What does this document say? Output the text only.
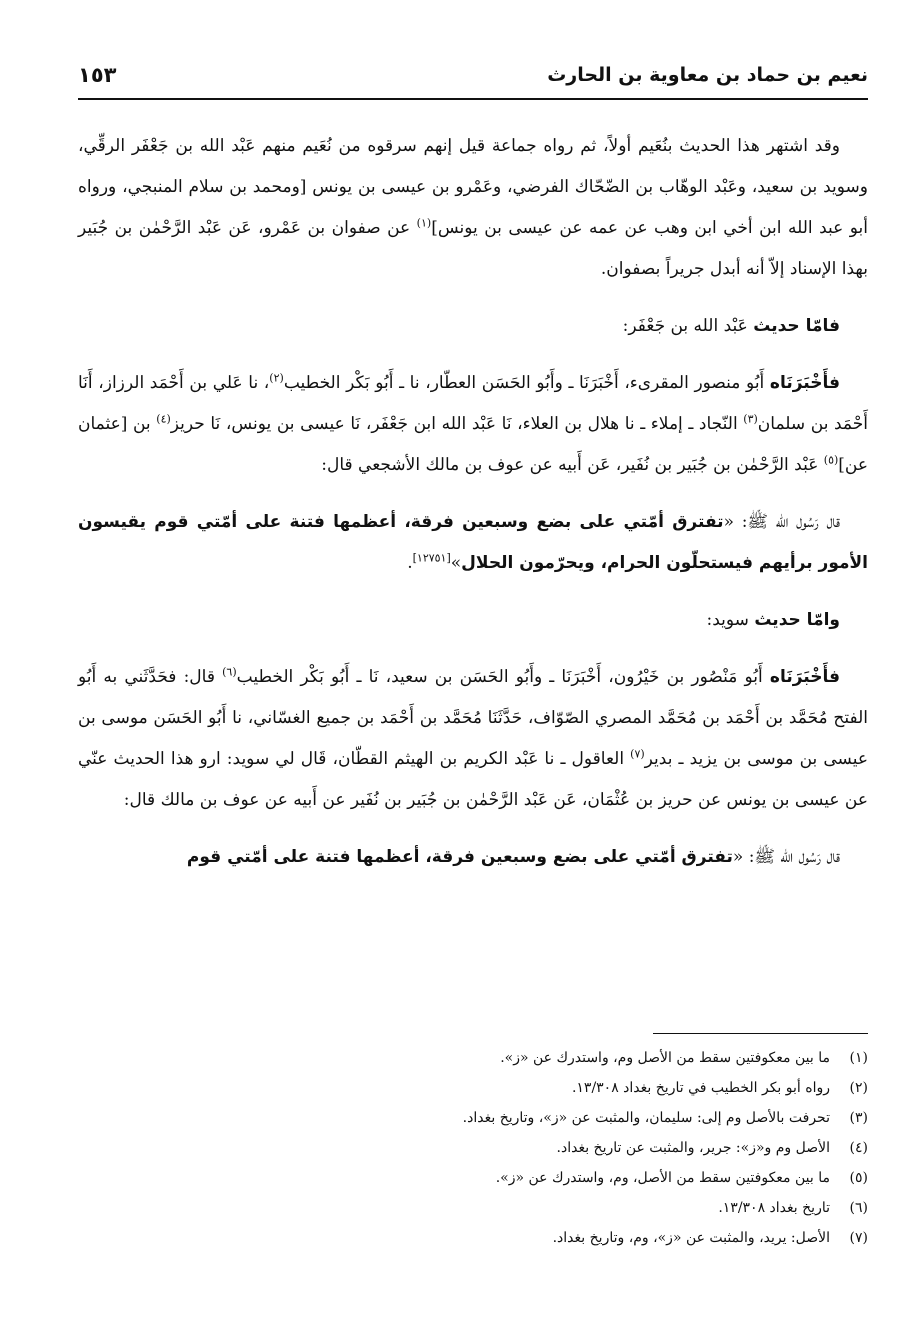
نعيم بن حماد بن معاوية بن الحارث
١٥٣

وقد اشتهر هذا الحديث بنُعَيم أولاً، ثم رواه جماعة قيل إنهم سرقوه من نُعَيم منهم عَبْد الله بن جَعْفَر الرقِّي، وسويد بن سعيد، وعَبْد الوهّاب بن الضّحّاك الفرضي، وعَمْرو بن عيسى بن يونس [ومحمد بن سلام المنبجي، ورواه أبو عبد الله ابن أخي ابن وهب عن عمه عن عيسى بن يونس]$^{(١)}$ عن صفوان بن عَمْرو، عَن عَبْد الرَّحْمٰن بن جُبَير بهذا الإسناد إلاّ أنه أبدل جريراً بصفوان.

فامّا حديث عَبْد الله بن جَعْفَر:

فأَخْبَرَنَاه أَبُو منصور المقرىء، أَخْبَرَنَا ـ وأَبُو الحَسَن العطّار، نا ـ أَبُو بَكْر الخطيب$^{(٢)}$، نا عَلي بن أَحْمَد الرزاز، أَنَا أَحْمَد بن سلمان$^{(٣)}$ النّجاد ـ إملاء ـ نا هلال بن العلاء، نَا عَبْد الله ابن جَعْفَر، نَا عيسى بن يونس، نَا حريز$^{(٤)}$ بن [عثمان عن]$^{(٥)}$ عَبْد الرَّحْمٰن بن جُبَير بن نُفَير، عَن أَبيه عن عوف بن مالك الأشجعي قال:

قال رَسُول الله ﷺ: «تفترق أمّتي على بضع وسبعين فرقة، أعظمها فتنة على أمّتي قوم يقيسون الأمور برأيهم فيستحلّون الحرام، ويحرّمون الحلال»[١٢٧٥١].

وامّا حديث سويد:

فأَخْبَرَنَاه أَبُو مَنْصُور بن خَيْرُون، أَخْبَرَنَا ـ وأَبُو الحَسَن بن سعيد، نَا ـ أَبُو بَكْر الخطيب$^{(٦)}$ قال: فحَدَّثَني به أَبُو الفتح مُحَمَّد بن أَحْمَد بن مُحَمَّد المصري الصّوّاف، حَدَّثَنَا مُحَمَّد بن أَحْمَد بن جميع الغسّاني، نا أَبُو الحَسَن موسى بن عيسى بن موسى بن يزيد ـ بدير$^{(٧)}$ العاقول ـ نا عَبْد الكريم بن الهيثم القطّان، قَال لي سويد: ارو هذا الحديث عنّي عن عيسى بن يونس عن حريز بن عُثْمَان، عَن عَبْد الرَّحْمٰن بن جُبَير بن نُفَير عن أَبيه عن عوف بن مالك قال:

قال رَسُول الله ﷺ: «تفترق أمّتي على بضع وسبعين فرقة، أعظمها فتنة على أمّتي قوم

(١)
ما بين معكوفتين سقط من الأصل وم، واستدرك عن «ز».
(٢)
رواه أبو بكر الخطيب في تاريخ بغداد ١٣/٣٠٨.
(٣)
تحرفت بالأصل وم إلى: سليمان، والمثبت عن «ز»، وتاريخ بغداد.
(٤)
الأصل وم و«ز»: جرير، والمثبت عن تاريخ بغداد.
(٥)
ما بين معكوفتين سقط من الأصل، وم، واستدرك عن «ز».
(٦)
تاريخ بغداد ١٣/٣٠٨.
(٧)
الأصل: يريد، والمثبت عن «ز»، وم، وتاريخ بغداد.
